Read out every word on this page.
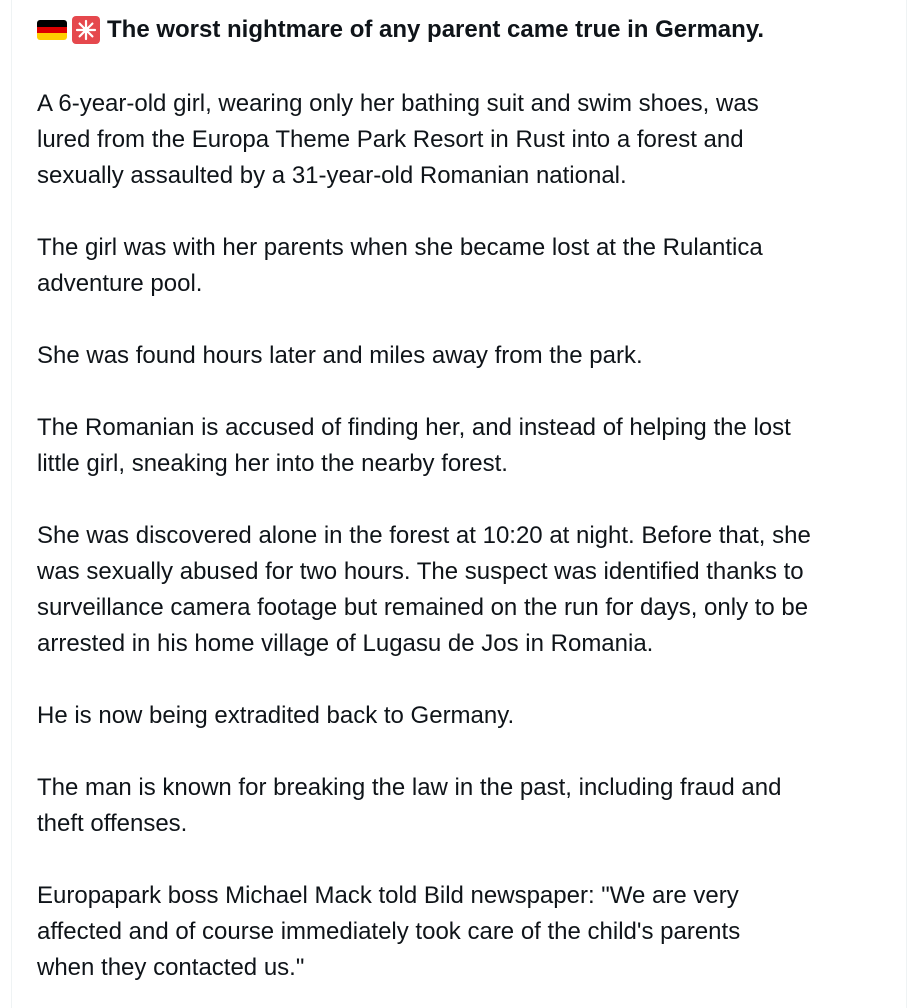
The worst nightmare of any parent came true in Germany.

A 6-year-old girl, wearing only her bathing suit and swim shoes, was
lured from the Europa Theme Park Resort in Rust into a forest and
sexually assaulted by a 31-year-old Romanian national.

The girl was with her parents when she became lost at the Rulantica
adventure pool.

She was found hours later and miles away from the park.

The Romanian is accused of finding her, and instead of helping the lost
little girl, sneaking her into the nearby forest.

She was discovered alone in the forest at 10:20 at night. Before that, she
was sexually abused for two hours. The suspect was identified thanks to
surveillance camera footage but remained on the run for days, only to be
arrested in his home village of Lugasu de Jos in Romania.

He is now being extradited back to Germany.

The man is known for breaking the law in the past, including fraud and
theft offenses.

Europapark boss Michael Mack told Bild newspaper: "We are very
affected and of course immediately took care of the child's parents
when they contacted us."
